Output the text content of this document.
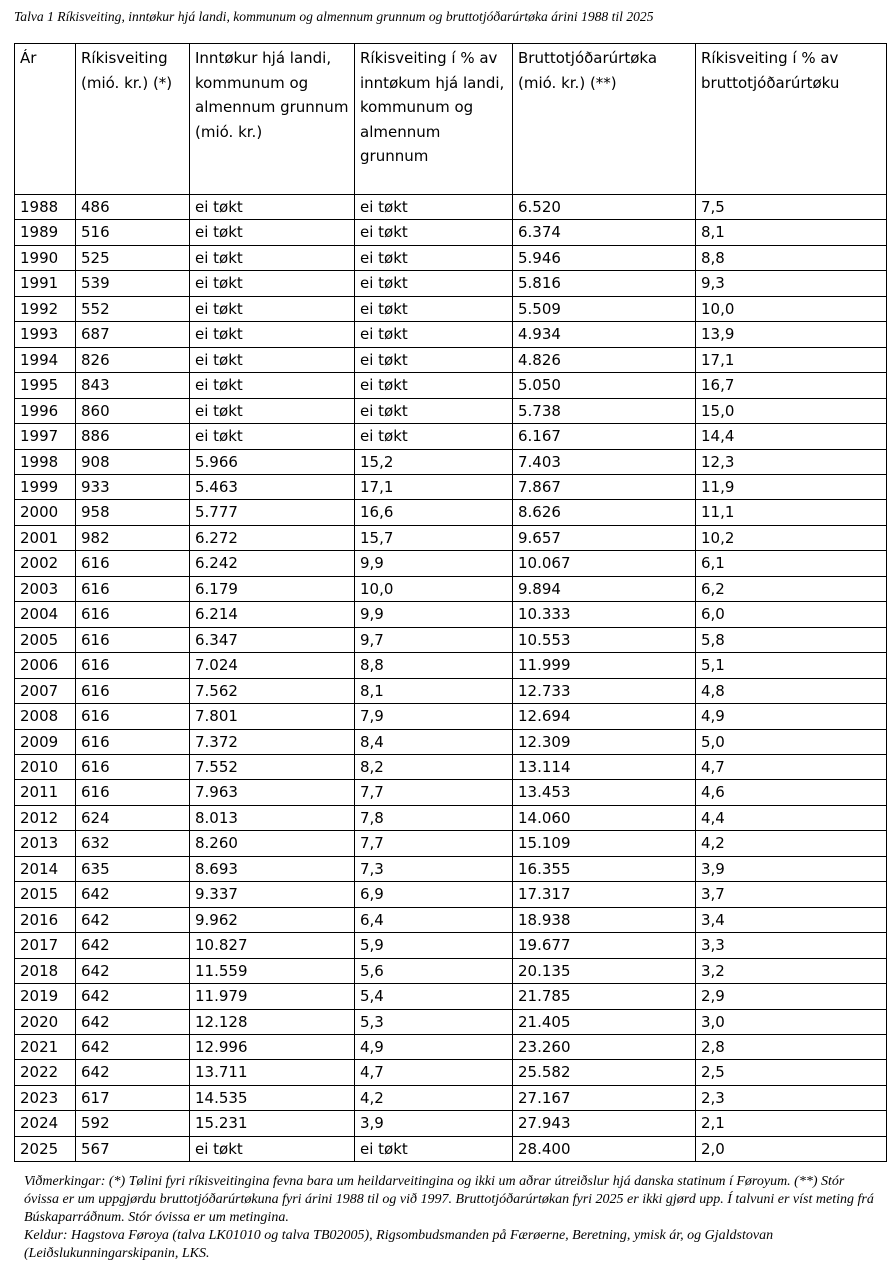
Talva 1 Ríkisveiting, inntøkur hjá landi, kommunum og almennum grunnum og bruttotjóðarúrtøka árini 1988 til 2025
Ár	Ríkisveiting (mió. kr.) (*)	Inntøkur hjá landi, kommunum og almennum grunnum (mió. kr.)	Ríkisveiting í % av inntøkum hjá landi, kommunum og almennum grunnum	Bruttotjóðarúrtøka (mió. kr.) (**)	Ríkisveiting í % av bruttotjóðarúrtøku
1988	486	ei tøkt	ei tøkt	6.520	7,5
1989	516	ei tøkt	ei tøkt	6.374	8,1
1990	525	ei tøkt	ei tøkt	5.946	8,8
1991	539	ei tøkt	ei tøkt	5.816	9,3
1992	552	ei tøkt	ei tøkt	5.509	10,0
1993	687	ei tøkt	ei tøkt	4.934	13,9
1994	826	ei tøkt	ei tøkt	4.826	17,1
1995	843	ei tøkt	ei tøkt	5.050	16,7
1996	860	ei tøkt	ei tøkt	5.738	15,0
1997	886	ei tøkt	ei tøkt	6.167	14,4
1998	908	5.966	15,2	7.403	12,3
1999	933	5.463	17,1	7.867	11,9
2000	958	5.777	16,6	8.626	11,1
2001	982	6.272	15,7	9.657	10,2
2002	616	6.242	9,9	10.067	6,1
2003	616	6.179	10,0	9.894	6,2
2004	616	6.214	9,9	10.333	6,0
2005	616	6.347	9,7	10.553	5,8
2006	616	7.024	8,8	11.999	5,1
2007	616	7.562	8,1	12.733	4,8
2008	616	7.801	7,9	12.694	4,9
2009	616	7.372	8,4	12.309	5,0
2010	616	7.552	8,2	13.114	4,7
2011	616	7.963	7,7	13.453	4,6
2012	624	8.013	7,8	14.060	4,4
2013	632	8.260	7,7	15.109	4,2
2014	635	8.693	7,3	16.355	3,9
2015	642	9.337	6,9	17.317	3,7
2016	642	9.962	6,4	18.938	3,4
2017	642	10.827	5,9	19.677	3,3
2018	642	11.559	5,6	20.135	3,2
2019	642	11.979	5,4	21.785	2,9
2020	642	12.128	5,3	21.405	3,0
2021	642	12.996	4,9	23.260	2,8
2022	642	13.711	4,7	25.582	2,5
2023	617	14.535	4,2	27.167	2,3
2024	592	15.231	3,9	27.943	2,1
2025	567	ei tøkt	ei tøkt	28.400	2,0

Viðmerkingar: (*) Tølini fyri ríkisveitingina fevna bara um heildarveitingina og ikki um aðrar útreiðslur hjá danska statinum í Føroyum. (**) Stór óvissa er um uppgjørdu bruttotjóðarúrtøkuna fyri árini 1988 til og við 1997. Bruttotjóðarúrtøkan fyri 2025 er ikki gjørd upp. Í talvuni er víst meting frá Búskaparráðnum. Stór óvissa er um metingina.

Keldur: Hagstova Føroya (talva LK01010 og talva TB02005), Rigsombudsmanden på Færøerne, Beretning, ymisk ár, og Gjaldstovan (Leiðslukunningarskipanin, LKS.
